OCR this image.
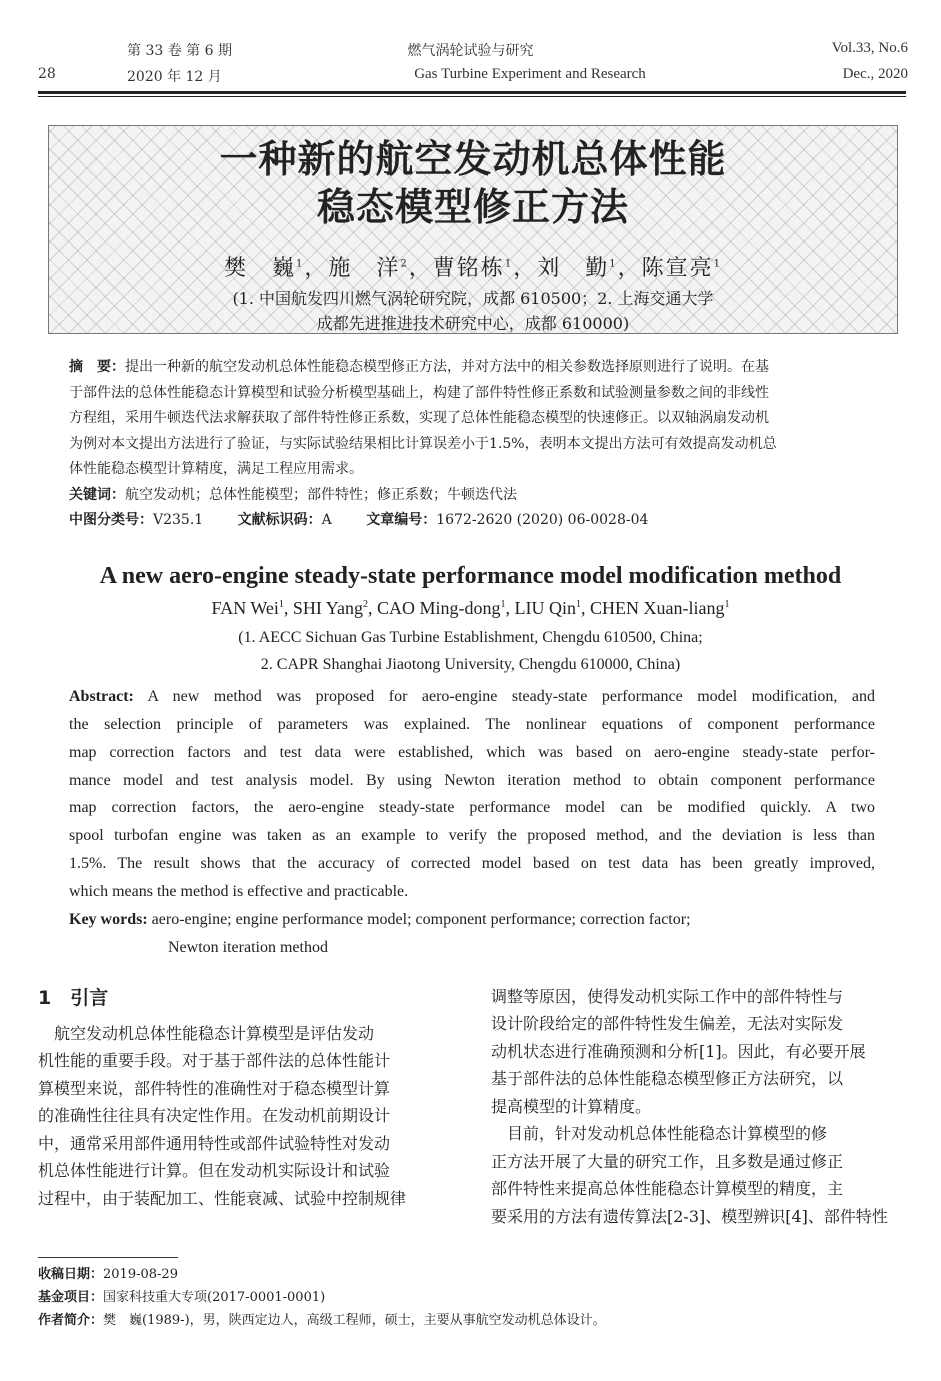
28
第 33 卷 第 6 期
2020 年 12 月
燃气涡轮试验与研究
Gas Turbine Experiment and Research
Vol.33, No.6
Dec., 2020
一种新的航空发动机总体性能
稳态模型修正方法
樊　巍$^1$，施　洋$^2$，曹铭栋$^1$，刘　勤$^1$，陈宣亮$^1$
(1. 中国航发四川燃气涡轮研究院，成都 610500；2. 上海交通大学
成都先进推进技术研究中心，成都 610000)
摘　要：提出一种新的航空发动机总体性能稳态模型修正方法，并对方法中的相关参数选择原则进行了说明。在基
于部件法的总体性能稳态计算模型和试验分析模型基础上，构建了部件特性修正系数和试验测量参数之间的非线性
方程组，采用牛顿迭代法求解获取了部件特性修正系数，实现了总体性能稳态模型的快速修正。以双轴涡扇发动机
为例对本文提出方法进行了验证，与实际试验结果相比计算误差小于1.5%，表明本文提出方法可有效提高发动机总
体性能稳态模型计算精度，满足工程应用需求。
关键词：航空发动机；总体性能模型；部件特性；修正系数；牛顿迭代法
中图分类号：V235.1 文献标识码：A 文章编号：1672-2620 (2020) 06-0028-04
A new aero-engine steady-state performance model modification method
FAN Wei$^1$, SHI Yang$^2$, CAO Ming-dong$^1$, LIU Qin$^1$, CHEN Xuan-liang$^1$
(1. AECC Sichuan Gas Turbine Establishment, Chengdu 610500, China;
2. CAPR Shanghai Jiaotong University, Chengdu 610000, China)
Abstract: A new method was proposed for aero-engine steady-state performance model modification, and
the selection principle of parameters was explained. The nonlinear equations of component performance
map correction factors and test data were established, which was based on aero-engine steady-state perfor-
mance model and test analysis model. By using Newton iteration method to obtain component performance
map correction factors, the aero-engine steady-state performance model can be modified quickly. A two
spool turbofan engine was taken as an example to verify the proposed method, and the deviation is less than
1.5%. The result shows that the accuracy of corrected model based on test data has been greatly improved,
which means the method is effective and practicable.
Key words: aero-engine; engine performance model; component performance; correction factor;
Newton iteration method
1　引言
　航空发动机总体性能稳态计算模型是评估发动
机性能的重要手段。对于基于部件法的总体性能计
算模型来说，部件特性的准确性对于稳态模型计算
的准确性往往具有决定性作用。在发动机前期设计
中，通常采用部件通用特性或部件试验特性对发动
机总体性能进行计算。但在发动机实际设计和试验
过程中，由于装配加工、性能衰减、试验中控制规律
调整等原因，使得发动机实际工作中的部件特性与
设计阶段给定的部件特性发生偏差，无法对实际发
动机状态进行准确预测和分析[1]。因此，有必要开展
基于部件法的总体性能稳态模型修正方法研究，以
提高模型的计算精度。
　目前，针对发动机总体性能稳态计算模型的修
正方法开展了大量的研究工作，且多数是通过修正
部件特性来提高总体性能稳态计算模型的精度，主
要采用的方法有遗传算法[2-3]、模型辨识[4]、部件特性
收稿日期：2019-08-29
基金项目：国家科技重大专项(2017-0001-0001)
作者简介：樊　巍(1989-)，男，陕西定边人，高级工程师，硕士，主要从事航空发动机总体设计。
